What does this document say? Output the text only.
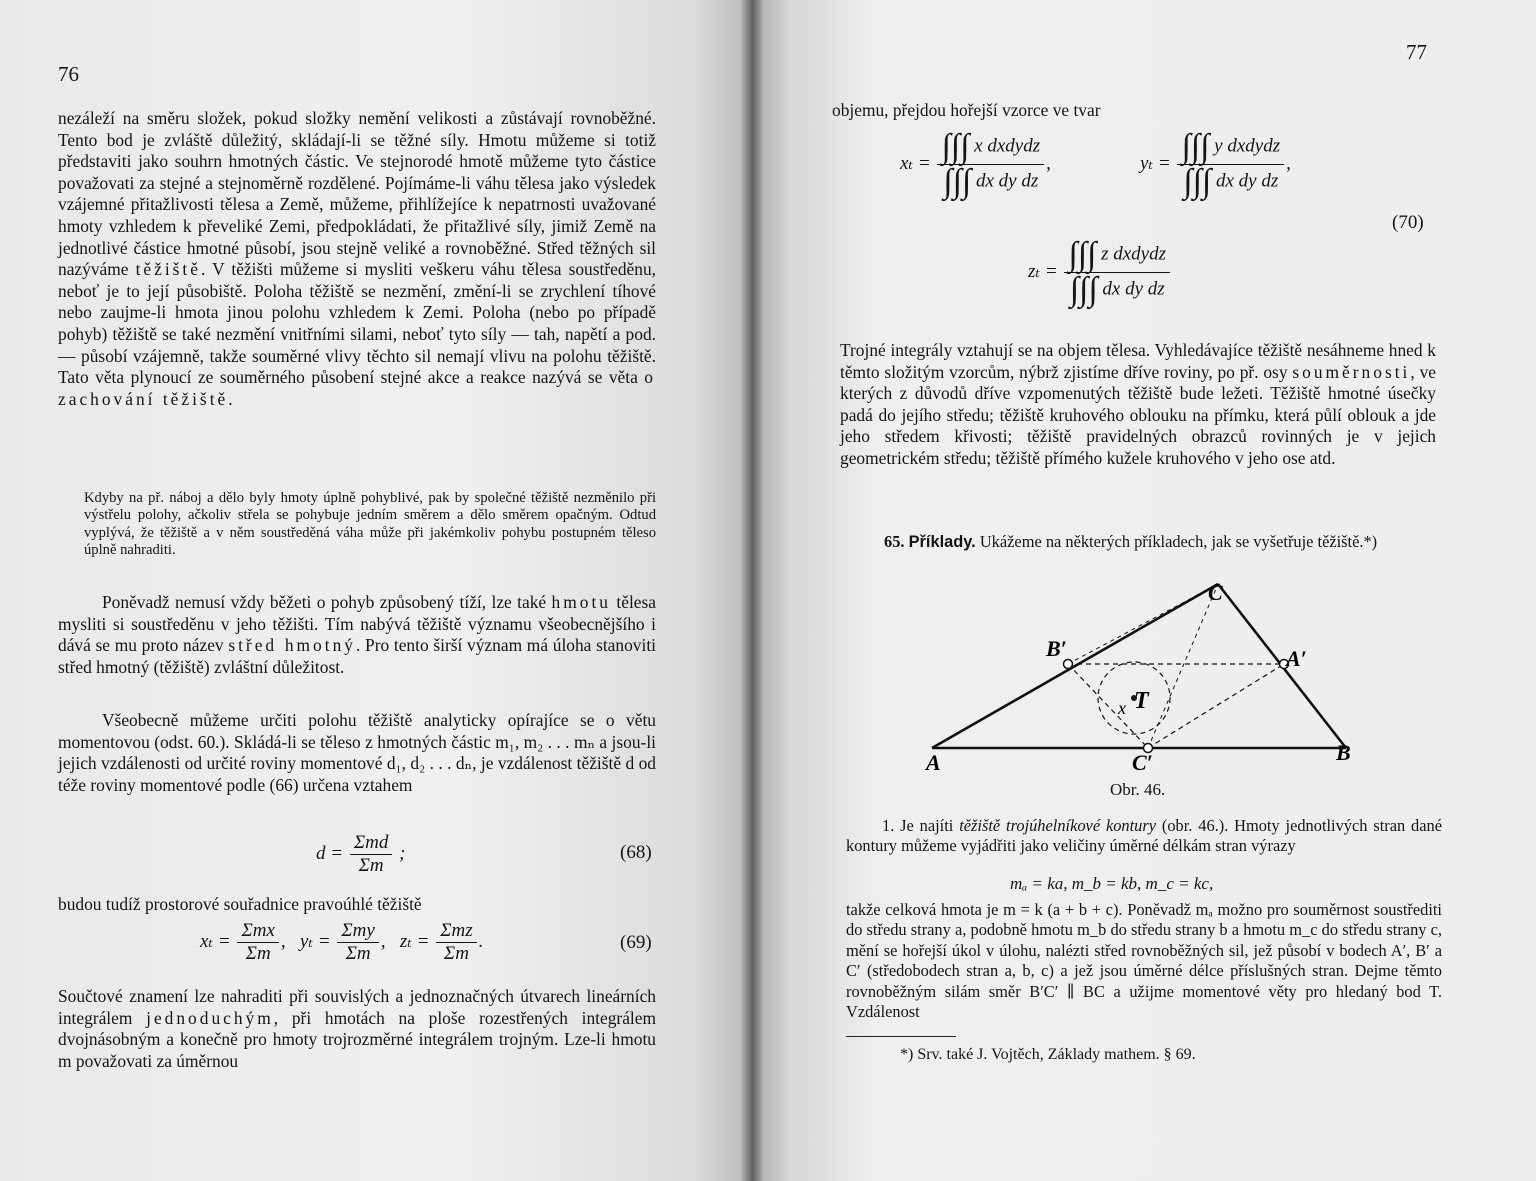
76

nezáleží na směru složek, pokud složky nemění velikosti a zůstávají rovnoběžné. Tento bod je zvláště důležitý, skládají-li se těžné síly. Hmotu můžeme si totiž představiti jako souhrn hmotných částic. Ve stejnorodé hmotě můžeme tyto částice považovati za stejné a stejnoměrně rozdělené. Pojímáme-li váhu tělesa jako výsledek vzájemné přitažlivosti tělesa a Země, můžeme, přihlížejíce k nepatrnosti uvažované hmoty vzhledem k převeliké Zemi, předpokládati, že přitažlivé síly, jimiž Země na jednotlivé částice hmotné působí, jsou stejně veliké a rovnoběžné. Střed těžných sil nazýváme těžiště. V těžišti můžeme si mysliti veškeru váhu tělesa soustředěnu, neboť je to její působiště. Poloha těžiště se nezmění, změní-li se zrychlení tíhové nebo zaujme-li hmota jinou polohu vzhledem k Zemi. Poloha (nebo po případě pohyb) těžiště se také nezmění vnitřními silami, neboť tyto síly — tah, napětí a pod. — působí vzájemně, takže souměrné vlivy těchto sil nemají vlivu na polohu těžiště. Tato věta plynoucí ze souměrného působení stejné akce a reakce nazývá se věta o zachování těžiště.

Kdyby na př. náboj a dělo byly hmoty úplně pohyblivé, pak by společné těžiště nezměnilo při výstřelu polohy, ačkoliv střela se pohybuje jedním směrem a dělo směrem opačným. Odtud vyplývá, že těžiště a v něm soustředěná váha může při jakémkoliv pohybu postupném těleso úplně nahraditi.

Poněvadž nemusí vždy běžeti o pohyb způsobený tíží, lze také hmotu tělesa mysliti si soustředěnu v jeho těžišti. Tím nabývá těžiště významu všeobecnějšího i dává se mu proto název střed hmotný. Pro tento širší význam má úloha stanoviti střed hmotný (těžiště) zvláštní důležitost.

Všeobecně můžeme určiti polohu těžiště analyticky opírajíce se o větu momentovou (odst. 60.). Skládá-li se těleso z hmotných částic m₁, m₂ . . . mₙ a jsou-li jejich vzdálenosti od určité roviny momentové d₁, d₂ . . . dₙ, je vzdálenost těžiště d od téže roviny momentové podle (66) určena vztahem

$d = \frac{\text{Σmd}}{\Sigma m}$ ;	(68)

budou tudíž prostorové souřadnice pravoúhlé těžiště

$x_t = \frac{\text{Σmx}}{\Sigma m}$ ,   $y_t = \frac{\text{Σmy}}{\Sigma m}$ ,   $z_t = \frac{\text{Σmz}}{\Sigma m}$ .	(69)

Součtové znamení lze nahraditi při souvislých a jednoznačných útvarech lineárních integrálem jednoduchým, při hmotách na ploše rozestřených integrálem dvojnásobným a konečně pro hmoty trojrozměrné integrálem trojným. Lze-li hmotu m považovati za úměrnou

77

objemu, přejdou hořejší vzorce ve tvar

$x_t = \frac{\text{∫∫∫ x dxdydz}}{\text{∫∫∫ dx dy dz}}$ ,	$y_t = \frac{\text{∫∫∫ y dxdydz}}{\text{∫∫∫ dx dy dz}}$ ,
$z_t = \frac{\text{∫∫∫ z dxdydz}}{\text{∫∫∫ dx dy dz}}$
(70)

Trojné integrály vztahují se na objem tělesa. Vyhledávajíce těžiště nesáhneme hned k těmto složitým vzorcům, nýbrž zjistíme dříve roviny, po př. osy souměrnosti, ve kterých z důvodů dříve vzpomenutých těžiště bude ležeti. Těžiště hmotné úsečky padá do jejího středu; těžiště kruhového oblouku na přímku, která půlí oblouk a jde jeho středem křivosti; těžiště pravidelných obrazců rovinných je v jejich geometrickém středu; těžiště přímého kužele kruhového v jeho ose atd.

65. Příklady. Ukážeme na některých příkladech, jak se vyšetřuje těžiště.*)

A	B
C
A′
B′
C′
T
x
Obr. 46.

1. Je najíti těžiště trojúhelníkové kontury (obr. 46.). Hmoty jednotlivých stran dané kontury můžeme vyjádřiti jako veličiny úměrné délkám stran výrazy

mₐ = ka, m_b = kb, m_c = kc,

takže celková hmota je m = k (a + b + c). Poněvadž mₐ možno pro souměrnost soustřediti do středu strany a, podobně hmotu m_b do středu strany b a hmotu m_c do středu strany c, mění se hořejší úkol v úlohu, nalézti střed rovnoběžných sil, jež působí v bodech A′, B′ a C′ (středobodech stran a, b, c) a jež jsou úměrné délce příslušných stran. Dejme těmto rovnoběžným silám směr B′C′ ∥ BC a užijme momentové věty pro hledaný bod T. Vzdálenost

*) Srv. také J. Vojtěch, Základy mathem. § 69.
